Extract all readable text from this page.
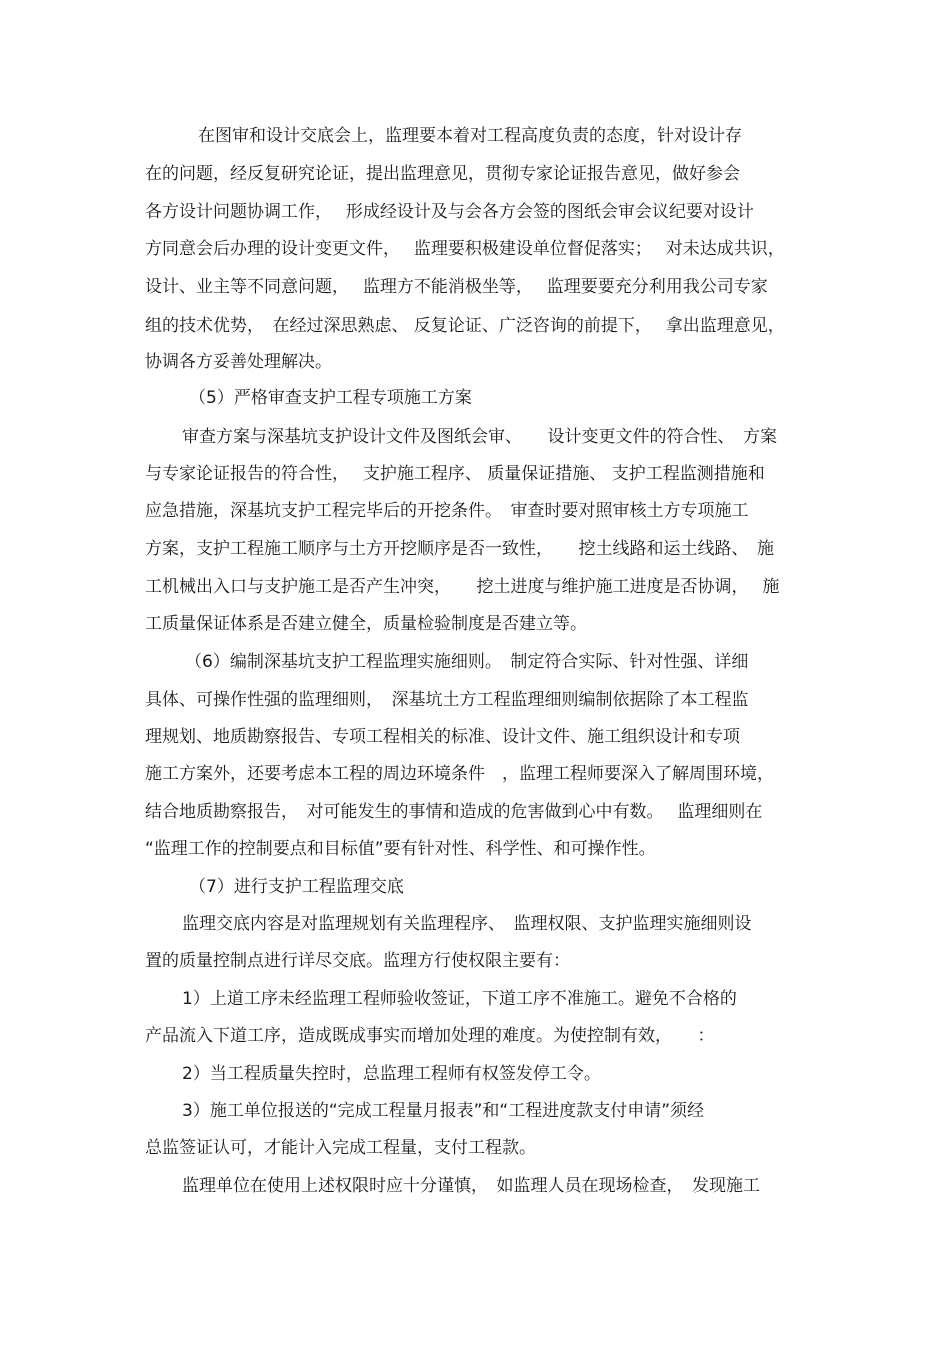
在图审和设计交底会上，监理要本着对工程高度负责的态度，针对设计存
在的问题，经反复研究论证，提出监理意见，贯彻专家论证报告意见，做好参会
各方设计问题协调工作，　 形成经设计及与会各方会签的图纸会审会议纪要对设计
方同意会后办理的设计变更文件，　 监理要积极建设单位督促落实；　 对未达成共识，
设计、业主等不同意问题，　 监理方不能消极坐等，　 监理要要充分利用我公司专家
组的技术优势，　在经过深思熟虑、 反复论证、广泛咨询的前提下，　 拿出监理意见，
协调各方妥善处理解决。
（5）严格审查支护工程专项施工方案
审查方案与深基坑支护设计文件及图纸会审、　　设计变更文件的符合性、　方案
与专家论证报告的符合性，　 支护施工程序、 质量保证措施、 支护工程监测措施和
应急措施，深基坑支护工程完毕后的开挖条件。　审查时要对照审核土方专项施工
方案，支护工程施工顺序与土方开挖顺序是否一致性，　　挖土线路和运土线路、　施
工机械出入口与支护施工是否产生冲突，　　挖土进度与维护施工进度是否协调，　 施
工质量保证体系是否建立健全，质量检验制度是否建立等。
（6）编制深基坑支护工程监理实施细则。　制定符合实际、针对性强、详细
具体、可操作性强的监理细则，　深基坑土方工程监理细则编制依据除了本工程监
理规划、地质勘察报告、专项工程相关的标准、设计文件、施工组织设计和专项
施工方案外，还要考虑本工程的周边环境条件　，监理工程师要深入了解周围环境，
结合地质勘察报告，　对可能发生的事情和造成的危害做到心中有数。　 监理细则在
“监理工作的控制要点和目标值”要有针对性、科学性、和可操作性。
（7）进行支护工程监理交底
监理交底内容是对监理规划有关监理程序、　监理权限、支护监理实施细则设
置的质量控制点进行详尽交底。监理方行使权限主要有：
1）上道工序未经监理工程师验收签证，下道工序不准施工。避免不合格的
产品流入下道工序，造成既成事实而增加处理的难度。为使控制有效，　　：
2）当工程质量失控时，总监理工程师有权签发停工令。
3）施工单位报送的“完成工程量月报表”和“工程进度款支付申请”须经
总监签证认可，才能计入完成工程量，支付工程款。
监理单位在使用上述权限时应十分谨慎，　如监理人员在现场检查，　发现施工
